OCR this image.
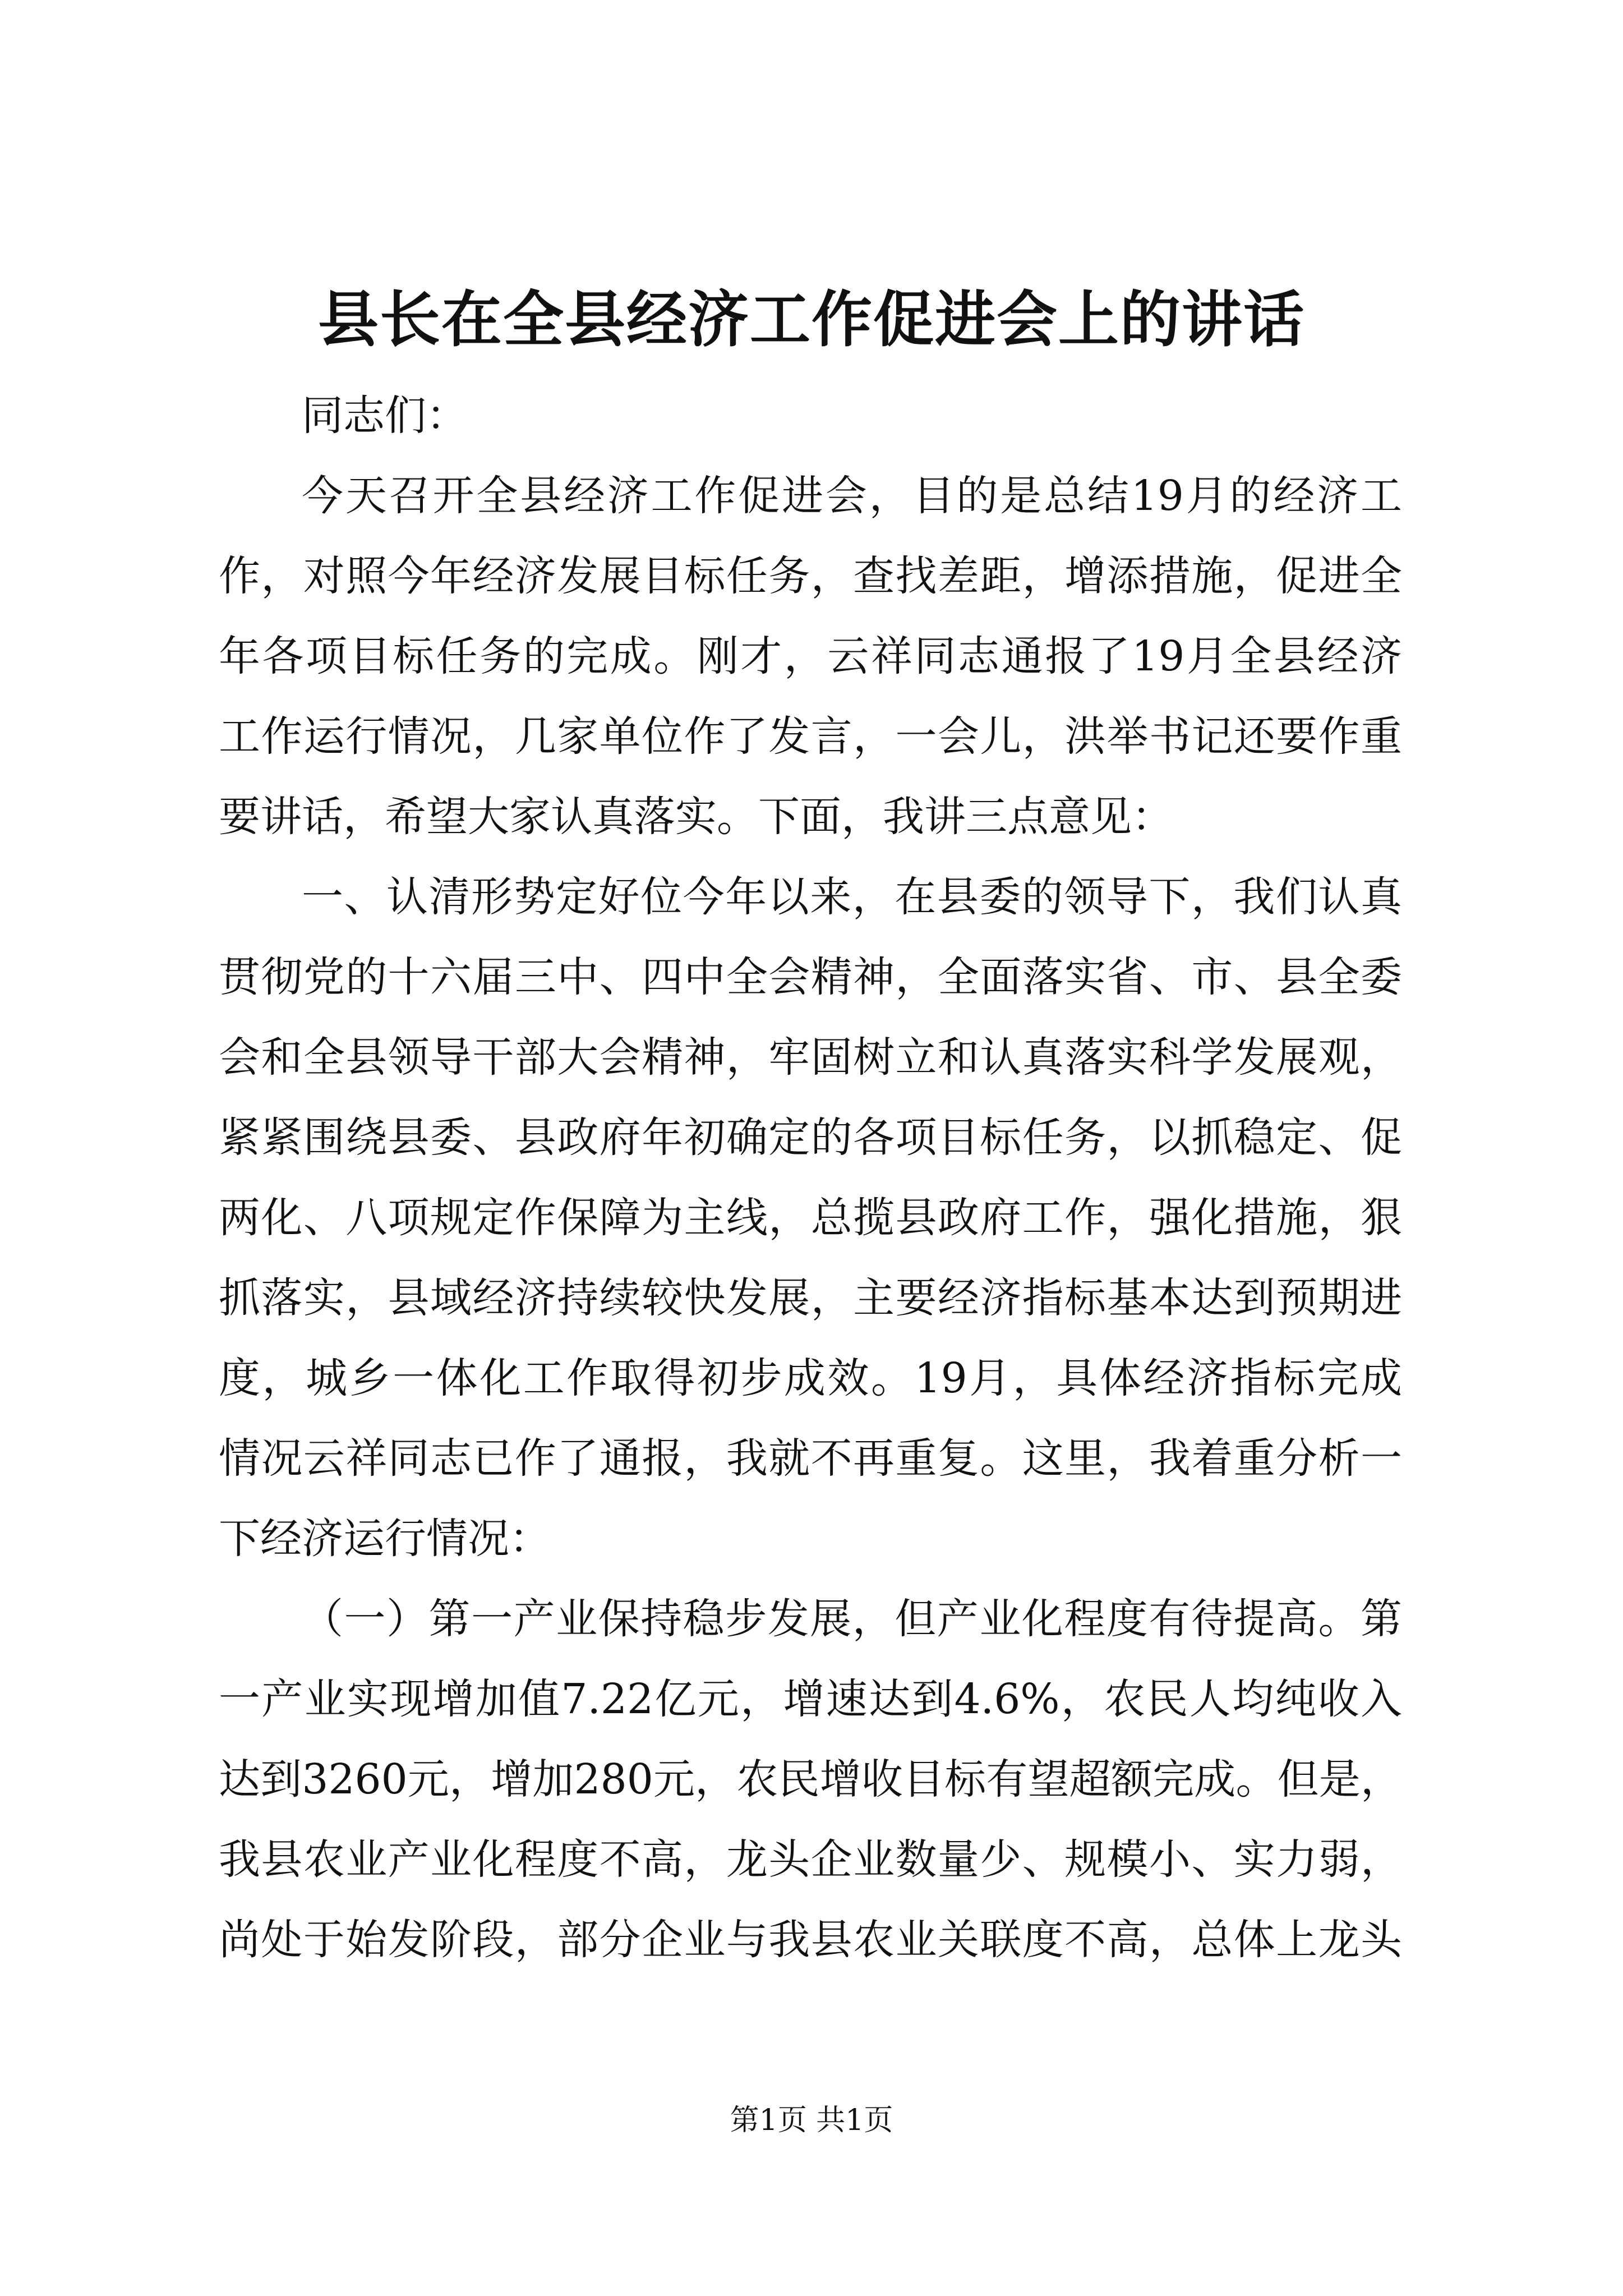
县长在全县经济工作促进会上的讲话
同志们：
今天召开全县经济工作促进会，目的是总结19月的经济工
作，对照今年经济发展目标任务，查找差距，增添措施，促进全
年各项目标任务的完成。刚才，云祥同志通报了19月全县经济
工作运行情况，几家单位作了发言，一会儿，洪举书记还要作重
要讲话，希望大家认真落实。下面，我讲三点意见：
一、认清形势定好位今年以来，在县委的领导下，我们认真
贯彻党的十六届三中、四中全会精神，全面落实省、市、县全委
会和全县领导干部大会精神，牢固树立和认真落实科学发展观，
紧紧围绕县委、县政府年初确定的各项目标任务，以抓稳定、促
两化、八项规定作保障为主线，总揽县政府工作，强化措施，狠
抓落实，县域经济持续较快发展，主要经济指标基本达到预期进
度，城乡一体化工作取得初步成效。19月，具体经济指标完成
情况云祥同志已作了通报，我就不再重复。这里，我着重分析一
下经济运行情况：
（一）第一产业保持稳步发展，但产业化程度有待提高。第
一产业实现增加值7.22亿元，增速达到4.6%，农民人均纯收入
达到3260元，增加280元，农民增收目标有望超额完成。但是，
我县农业产业化程度不高，龙头企业数量少、规模小、实力弱，
尚处于始发阶段，部分企业与我县农业关联度不高，总体上龙头
第1页 共1页
